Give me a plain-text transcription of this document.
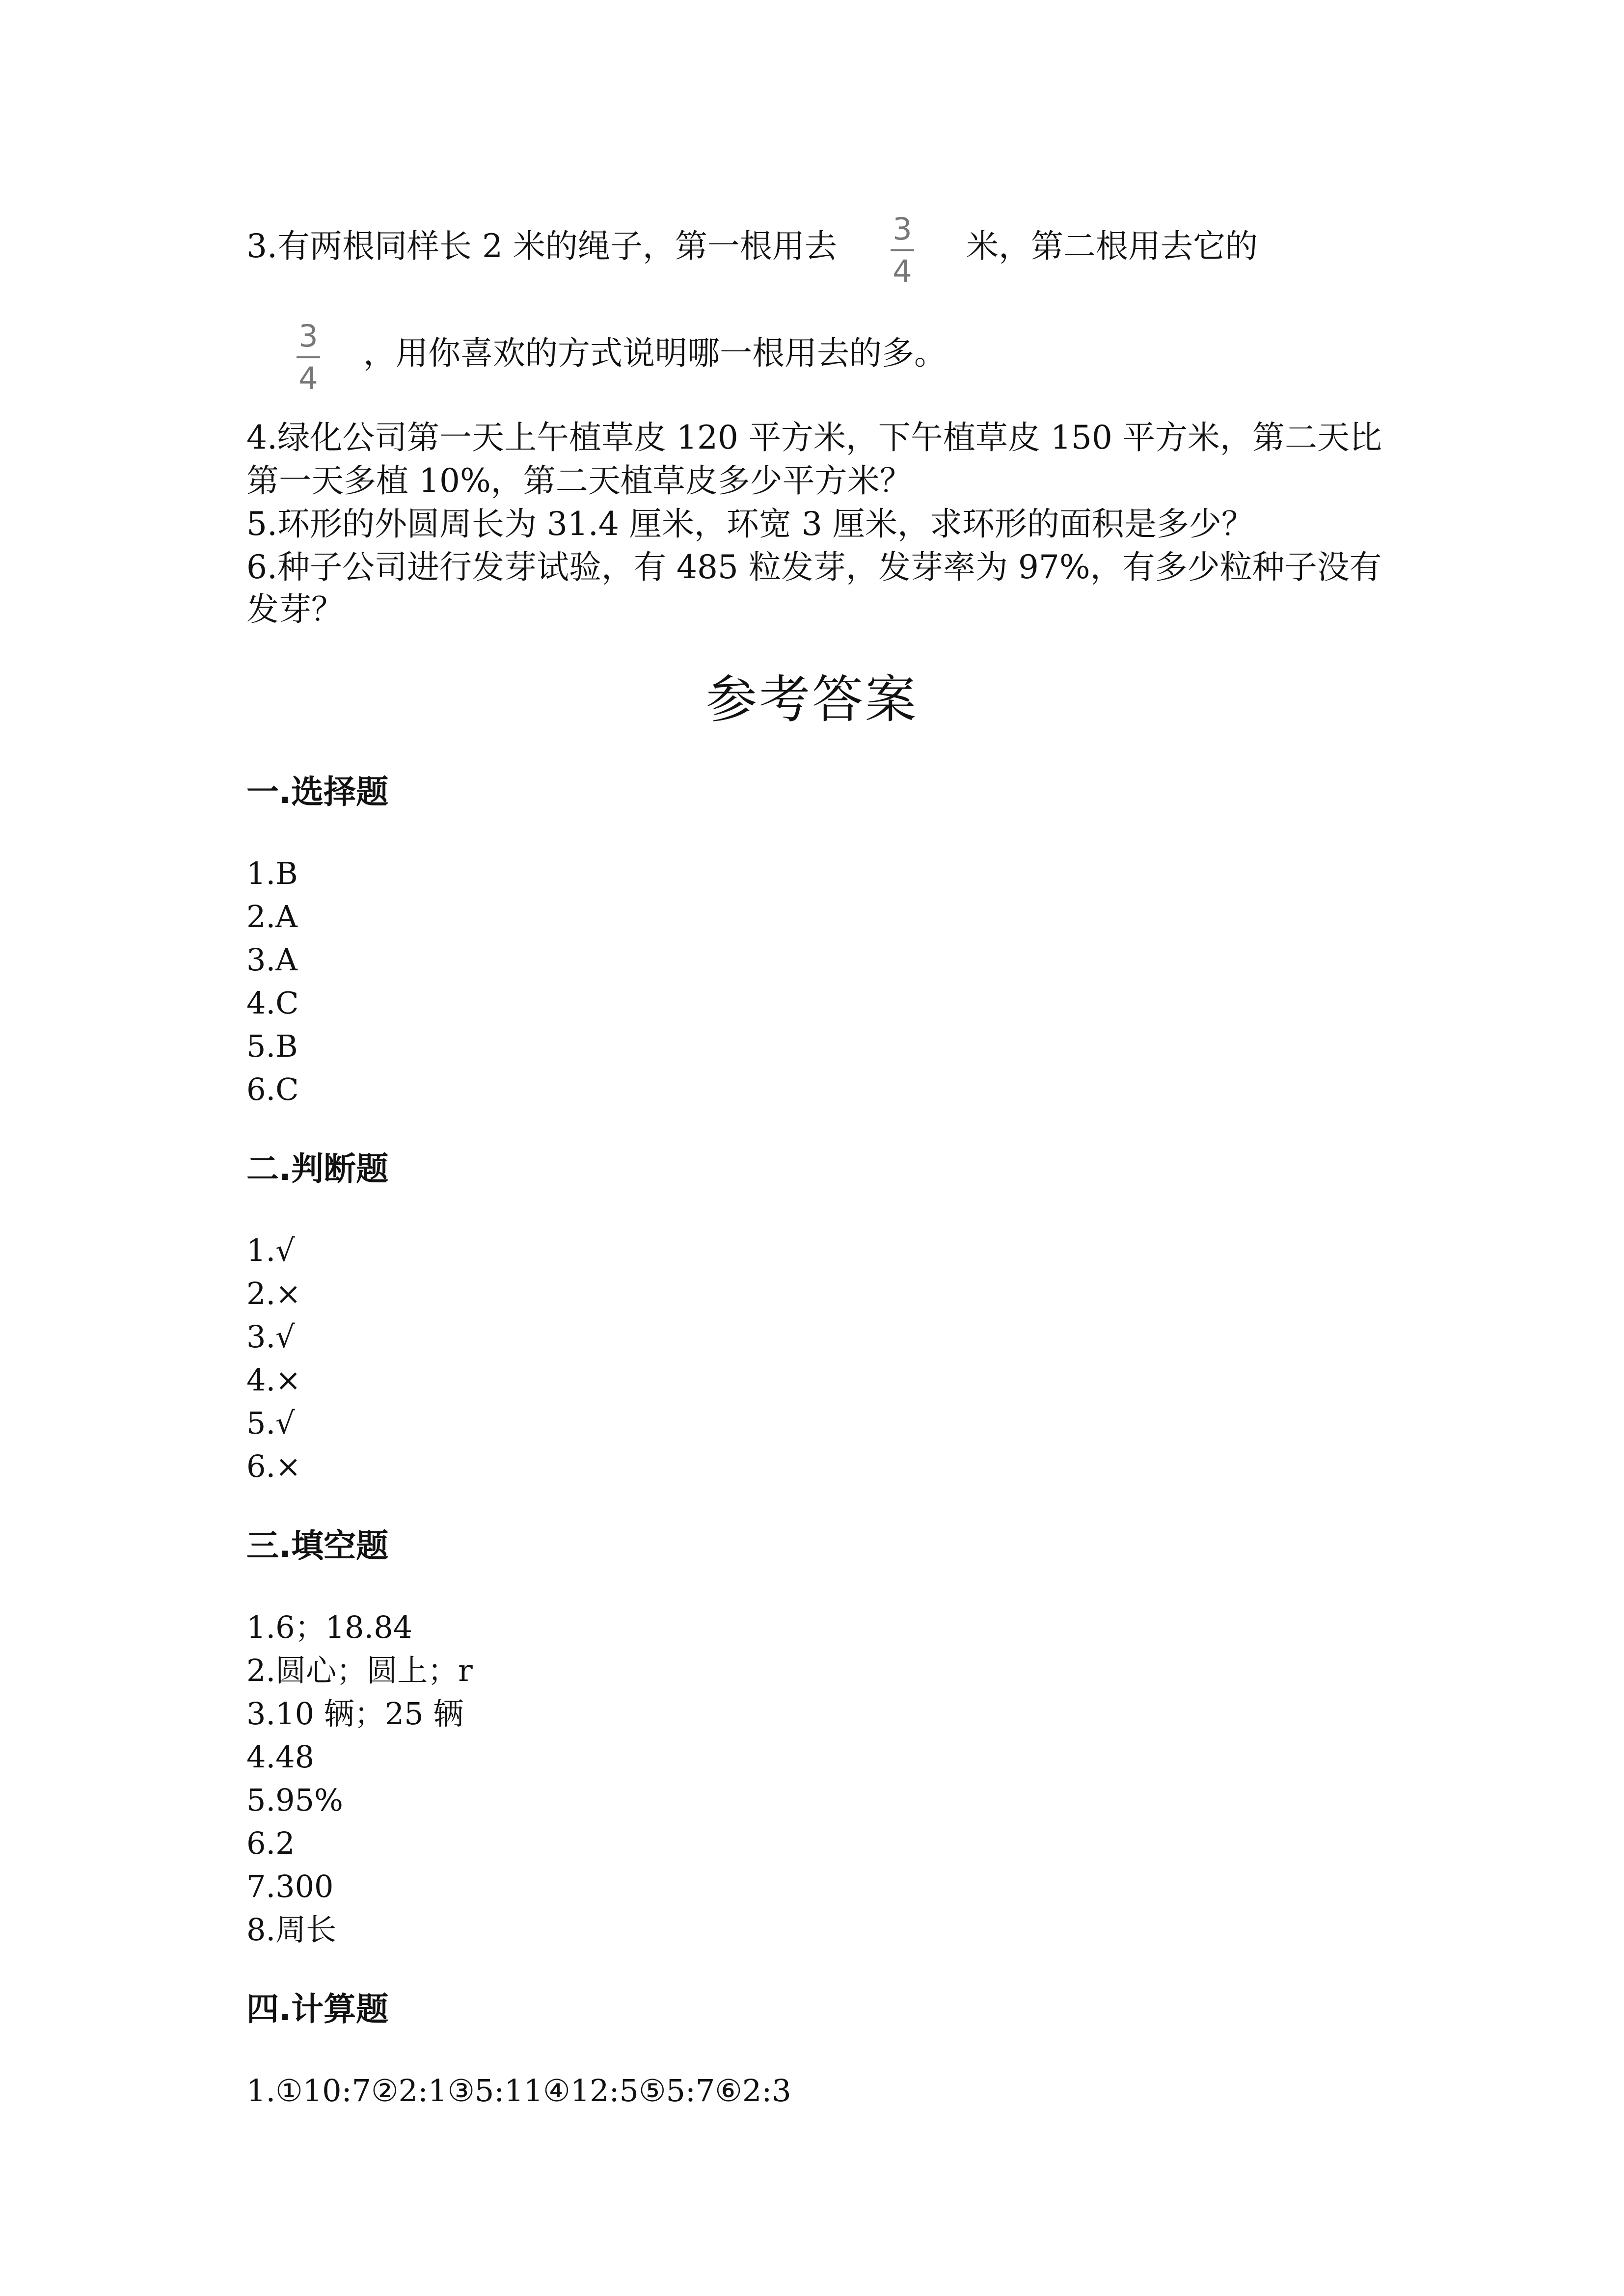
3.有两根同样长 2 米的绳子，第一根用去 3
4
米，第二根用去它的
3
4
，用你喜欢的方式说明哪一根用去的多。
4.绿化公司第一天上午植草皮 120 平方米，下午植草皮 150 平方米，第二天比
第一天多植 10%，第二天植草皮多少平方米？
5.环形的外圆周长为 31.4 厘米，环宽 3 厘米，求环形的面积是多少？
6.种子公司进行发芽试验，有 485 粒发芽，发芽率为 97%，有多少粒种子没有
发芽？
参考答案
一.选择题
1.B
2.A
3.A
4.C
5.B
6.C
二.判断题
1.√
2.×
3.√
4.×
5.√
6.×
三.填空题
1.6；18.84
2.圆心；圆上；r
3.10 辆；25 辆
4.48
5.95%
6.2
7.300
8.周长
四.计算题
1.①10:7②2:1③5:11④12:5⑤5:7⑥2:3
